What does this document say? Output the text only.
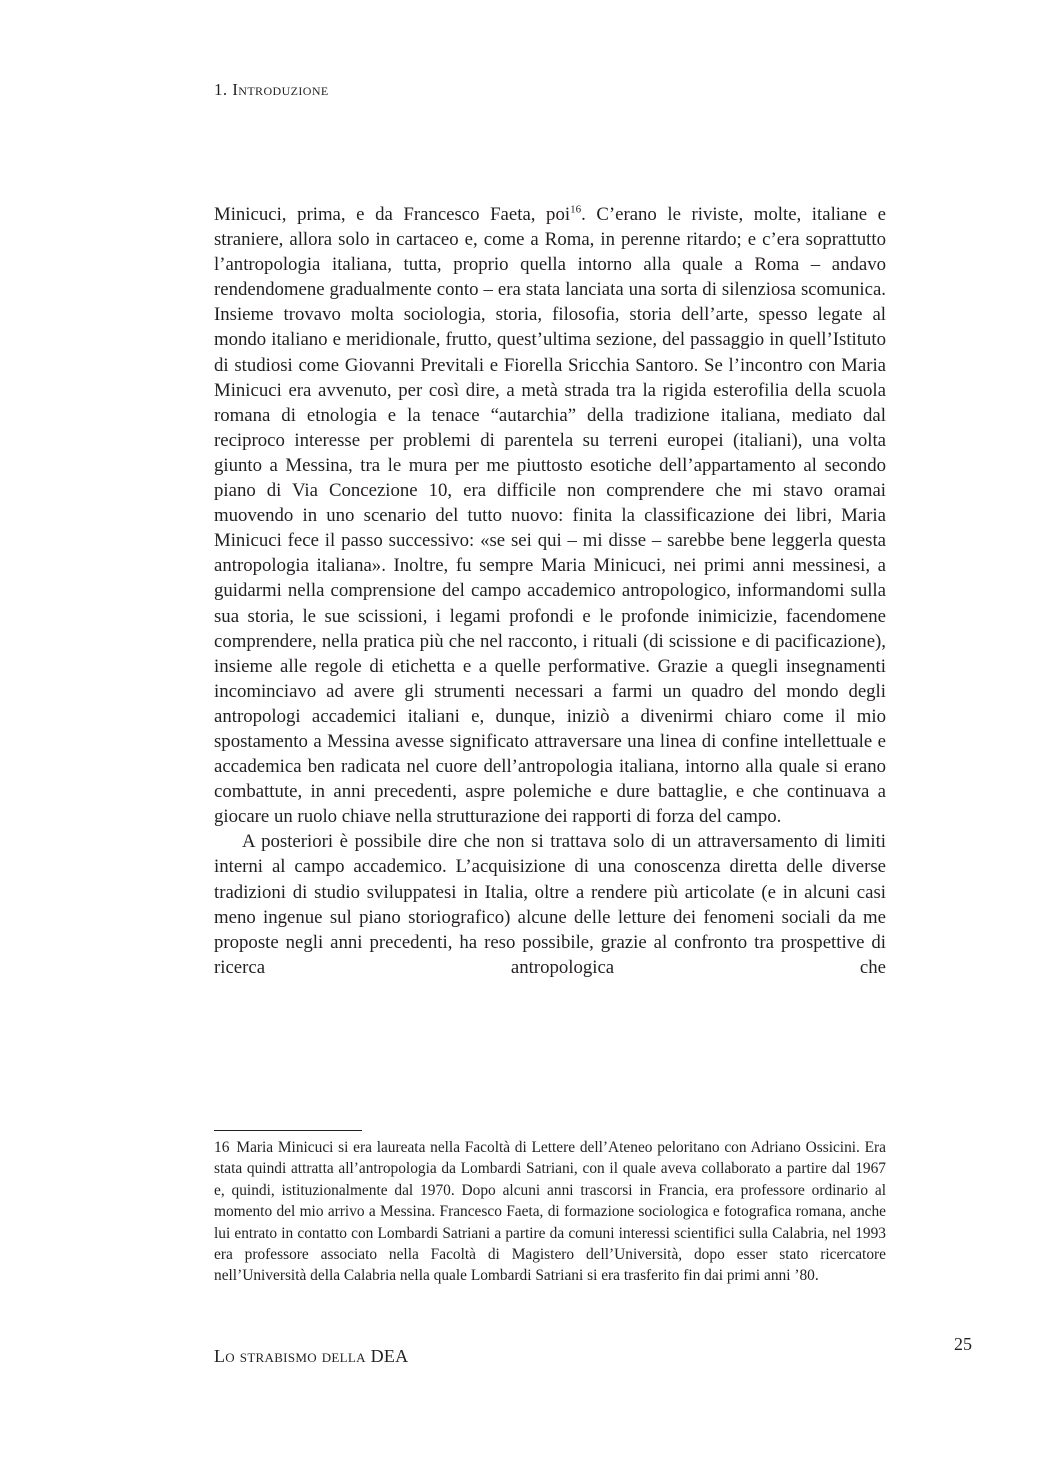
1. Introduzione

Minicuci, prima, e da Francesco Faeta, poi$^{16}$. C’erano le riviste, molte, italiane e straniere, allora solo in cartaceo e, come a Roma, in perenne ritardo; e c’era soprattutto l’antropologia italiana, tutta, proprio quella intorno alla quale a Roma – andavo rendendomene gradualmente conto – era stata lanciata una sorta di silenziosa scomunica. Insieme trovavo molta sociologia, storia, filosofia, storia dell’arte, spesso legate al mondo italiano e meridionale, frutto, quest’ultima sezione, del passaggio in quell’Istituto di studiosi come Giovanni Previtali e Fiorella Sricchia Santoro. Se l’incontro con Maria Minicuci era avvenuto, per così dire, a metà strada tra la rigida esterofilia della scuola romana di etnologia e la tenace “autarchia” della tradizione italiana, mediato dal reciproco interesse per problemi di parentela su terreni europei (italiani), una volta giunto a Messina, tra le mura per me piuttosto esotiche dell’appartamento al secondo piano di Via Concezione 10, era difficile non comprendere che mi stavo oramai muovendo in uno scenario del tutto nuovo: finita la classificazione dei libri, Maria Minicuci fece il passo successivo: «se sei qui – mi disse – sarebbe bene leggerla questa antropologia italiana». Inoltre, fu sempre Maria Minicuci, nei primi anni messinesi, a guidarmi nella comprensione del campo accademico antropologico, informandomi sulla sua storia, le sue scissioni, i legami profondi e le profonde inimicizie, facendomene comprendere, nella pratica più che nel racconto, i rituali (di scissione e di pacificazione), insieme alle regole di etichetta e a quelle performative. Grazie a quegli insegnamenti incominciavo ad avere gli strumenti necessari a farmi un quadro del mondo degli antropologi accademici italiani e, dunque, iniziò a divenirmi chiaro come il mio spostamento a Messina avesse significato attraversare una linea di confine intellettuale e accademica ben radicata nel cuore dell’antropologia italiana, intorno alla quale si erano combattute, in anni precedenti, aspre polemiche e dure battaglie, e che continuava a giocare un ruolo chiave nella strutturazione dei rapporti di forza del campo.

A posteriori è possibile dire che non si trattava solo di un attraversamento di limiti interni al campo accademico. L’acquisizione di una conoscenza diretta delle diverse tradizioni di studio sviluppatesi in Italia, oltre a rendere più articolate (e in alcuni casi meno ingenue sul piano storiografico) alcune delle letture dei fenomeni sociali da me proposte negli anni precedenti, ha reso possibile, grazie al confronto tra prospettive di ricerca antropologica che

16 Maria Minicuci si era laureata nella Facoltà di Lettere dell’Ateneo peloritano con Adriano Ossicini. Era stata quindi attratta all’antropologia da Lombardi Satriani, con il quale aveva collaborato a partire dal 1967 e, quindi, istituzionalmente dal 1970. Dopo alcuni anni trascorsi in Francia, era professore ordinario al momento del mio arrivo a Messina. Francesco Faeta, di formazione sociologica e fotografica romana, anche lui entrato in contatto con Lombardi Satriani a partire da comuni interessi scientifici sulla Calabria, nel 1993 era professore associato nella Facoltà di Magistero dell’Università, dopo esser stato ricercatore nell’Università della Calabria nella quale Lombardi Satriani si era trasferito fin dai primi anni ’80.

Lo strabismo della DEA

25
